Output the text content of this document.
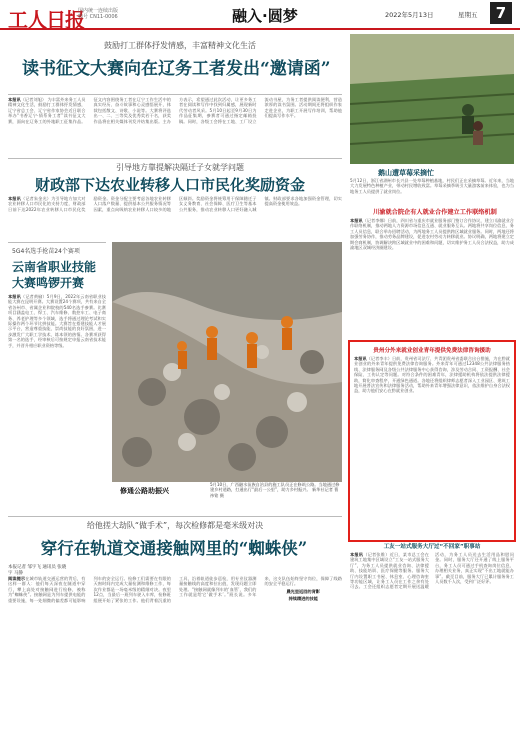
工人日报
国内统一连续出版物号 CN11-0006	融入·圆梦	2022年5月13日	星期五	7
鼓励打工群体抒发情感，丰富精神文化生活
读书征文大赛向在辽务工者发出“邀请函”
本报讯（记者刘旭） 为丰富外来务工人员精神文化生活，鼓励打工群体抒发情感，辽宁省总工会、辽宁省作家协会近日联合举办“书香辽宁·情系务工者”读书征文大赛，面向在辽务工的外地职工征集作品。征文内容围绕务工者在辽宁工作生活中的真实经历、奋斗故事和心灵感悟展开，体裁包括散文、诗歌、小说等。大赛将评选出一、二、三等奖及优秀奖若干名，获奖作品将在相关媒体刊发并结集出版。主办方表示，希望通过此次活动，让更多务工者在阅读和写作中找到归属感，展现新时代劳动者风采。5月10日起至9月30日为作品征集期，参赛者可通过指定邮箱投稿。同时，各级工会将在工地、工厂设立流动书屋，为务工者提供阅读便利，营造浓厚的读书氛围。活动期间还将组织作家走进企业，为职工开展写作培训，帮助他们提高写作水平。
鹅山遭草莓采摘忙
5月12日，浙江省湖州市长兴县一处草莓种植基地，村民们正在采摘草莓。近年来，当地大力发展特色种植产业，带动村民增收致富。草莓采摘季吸引大量游客前来体验，也为当地务工人员提供了就业岗位。
引导地方靠提解决隔迁子女就学问题
财政部下达农业转移人口市民化奖励资金
本报讯（记者朱金光）为引导地方加大对农业转移人口市民化的支持力度，财政部日前下达2022年农业转移人口市民化奖励资金。资金分配主要考虑各地农业转移人口落户数量、提供基本公共服务情况等因素，重点向吸纳农业转移人口较多的地区倾斜。奖励资金将统筹用于保障随迁子女义务教育、社会保障、医疗卫生等基本公共服务，推动农业转移人口更好融入城镇。财政部要求各地加强资金管理，切实提高资金使用效益。
川渝就合院企有人就业合作建立工作联络机制
本报讯（记者李娜）日前，四川省与重庆市就业服务部门签订合作协议，建立川渝就业合作联络机制，推动两地人力资源市场信息互通、就业服务互认。两地将共享岗位信息、务工人员信息，联合举办招聘活动，为两地务工人员提供跨区域就业服务。同时，两地还将加强劳务协作，推动劳务品牌建设，促进农村劳动力转移就业。协议明确，两地将建立定期会商机制，协调解决跨区域就业中的困难和问题，切实维护务工人员合法权益，助力成渝地区双城经济圈建设。
5G4名选手抢苗24个赛项
云南省职业技能
大赛鸣锣开赛
本报讯（记者黄榆）5月9日，2022年云南省职业技能大赛在昆明开赛。大赛设置24个赛项，共有来自全省各州市、省属企业和院校的540名选手参赛。比赛项目涵盖电工、焊工、汽车维修、数控车工、电子商务、养老护理等多个领域，选手将通过理论考试和实际操作两个环节比拼技能。大赛旨在搭建技能人才展示平台，营造尊重技能、崇尚技能的良好氛围，进一步激发广大职工学技术、练本领的热情。各赛项获得第一名的选手，经审核后可按规定申报云南省技术能手，并晋升相应职业资格等级。
修通公路助振兴
5月10日，广西融水苗族自治县的施工队员正在修筑公路。当地通过修建乡村道路，打通出行“最后一公里”，助力乡村振兴。 新华社记者 曹祎铭 摄
贵州分外来就业创业青年提供免费法律咨询援助
本报讯（记者李丰）日前，贵州省司法厅、共青团贵州省委联合出台措施，为在黔就业创业的外来青年提供免费法律咨询服务。外来青年可通过12348公共法律服务热线、法律服务网及各级公共法律服务中心获得咨询，涉及劳动合同、工资报酬、社会保险、工伤认定等问题。对符合条件的困难青年，法律援助机构将依法提供法律援助，简化审查程序，开通绿色通道。各地还将组织律师志愿者深入工业园区、建筑工地开展普法宣传和法律服务活动，帮助外来青年增强法律意识，依法维护自身合法权益，助力他们安心在黔就业创业。
工友一站式服务大厅过“不回家”职事站
本报讯（记者张维）近日，某市总工会在建筑工地集中区域设立“工友一站式服务大厅”，为务工人员提供就业咨询、法律援助、技能培训、医疗保健等服务。服务大厅内设置职工书屋、休息室、心理咨询室等功能区域，让务工人员在工作之余有处可去。工会还组织志愿者定期开展送温暖活动，为务工人员送去生活用品和慰问金。同时，服务大厅还开通了线上服务平台，务工人员可通过手机查询岗位信息、办理相关业务，真正实现“不出工地就能办事”。截至目前，服务大厅已累计服务务工人员数千人次，受到广泛好评。
给他搓大劫队“做手术”，每次检修都是毫米级对决
穿行在轨道交通接触网里的“蜘蛛侠”
本报记者 邹宇飞 通讯员 张晓宇 马静
阅读提示在城市轨道交通运营的背后，有这样一群人：他们每天深夜在隧道中穿行，攀上高处对接触网进行检修，被称为“蜘蛛侠”。接触网是为列车提供电能的重要设施，每一处细微的偏差都可能影响列车的安全运行。检修工们需要在有限的天窗时间内完成大量检测和维修工作，每次作业都是一场毫米级的精细对决。夜里12点，当最后一班列车驶入车库，检修班组便开始了紧张的工作。他们背着沉重的工具，沿着轨道徒步巡检，用专业仪器测量接触线的高度和拉出值，发现问题立即处理。“接触网就像列车的‘血管’，我们的工作就是给它‘做手术’。”班长说。多年来，这支队伍始终坚守岗位，保障了线路的安全平稳运行。
晨光里返回的背影
持续精进的技能
